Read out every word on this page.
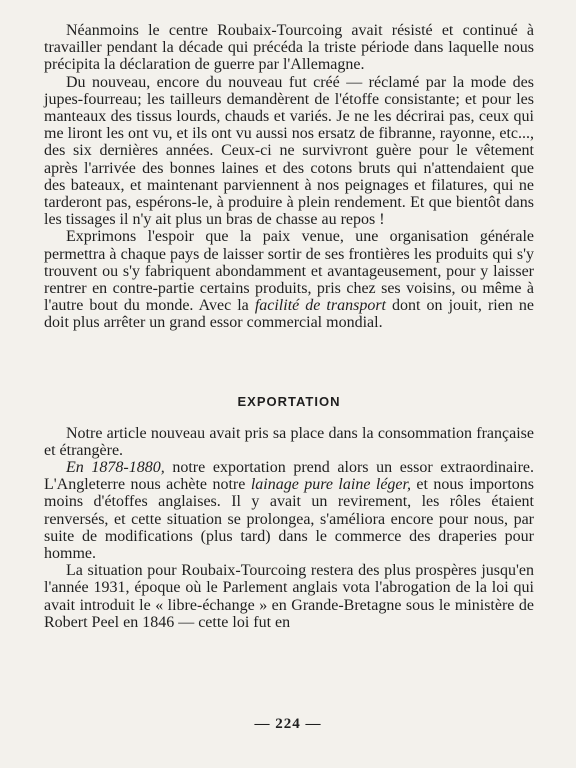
Néanmoins le centre Roubaix-Tourcoing avait résisté et continué à travailler pendant la décade qui précéda la triste période dans laquelle nous précipita la déclaration de guerre par l'Allemagne.

Du nouveau, encore du nouveau fut créé — réclamé par la mode des jupes-fourreau; les tailleurs demandèrent de l'étoffe consistante; et pour les manteaux des tissus lourds, chauds et variés. Je ne les décrirai pas, ceux qui me liront les ont vu, et ils ont vu aussi nos ersatz de fibranne, rayonne, etc..., des six dernières années. Ceux-ci ne survivront guère pour le vêtement après l'arrivée des bonnes laines et des cotons bruts qui n'attendaient que des bateaux, et maintenant parviennent à nos peignages et filatures, qui ne tarderont pas, espérons-le, à produire à plein rendement. Et que bientôt dans les tissages il n'y ait plus un bras de chasse au repos !

Exprimons l'espoir que la paix venue, une organisation générale permettra à chaque pays de laisser sortir de ses frontières les produits qui s'y trouvent ou s'y fabriquent abondamment et avantageusement, pour y laisser rentrer en contre-partie certains produits, pris chez ses voisins, ou même à l'autre bout du monde. Avec la facilité de transport dont on jouit, rien ne doit plus arrêter un grand essor commercial mondial.

EXPORTATION

Notre article nouveau avait pris sa place dans la consommation française et étrangère.

En 1878-1880, notre exportation prend alors un essor extraordinaire. L'Angleterre nous achète notre lainage pure laine léger, et nous importons moins d'étoffes anglaises. Il y avait un revirement, les rôles étaient renversés, et cette situation se prolongea, s'améliora encore pour nous, par suite de modifications (plus tard) dans le commerce des draperies pour homme.

La situation pour Roubaix-Tourcoing restera des plus prospères jusqu'en l'année 1931, époque où le Parlement anglais vota l'abrogation de la loi qui avait introduit le « libre-échange » en Grande-Bretagne sous le ministère de Robert Peel en 1846 — cette loi fut en

— 224 —
